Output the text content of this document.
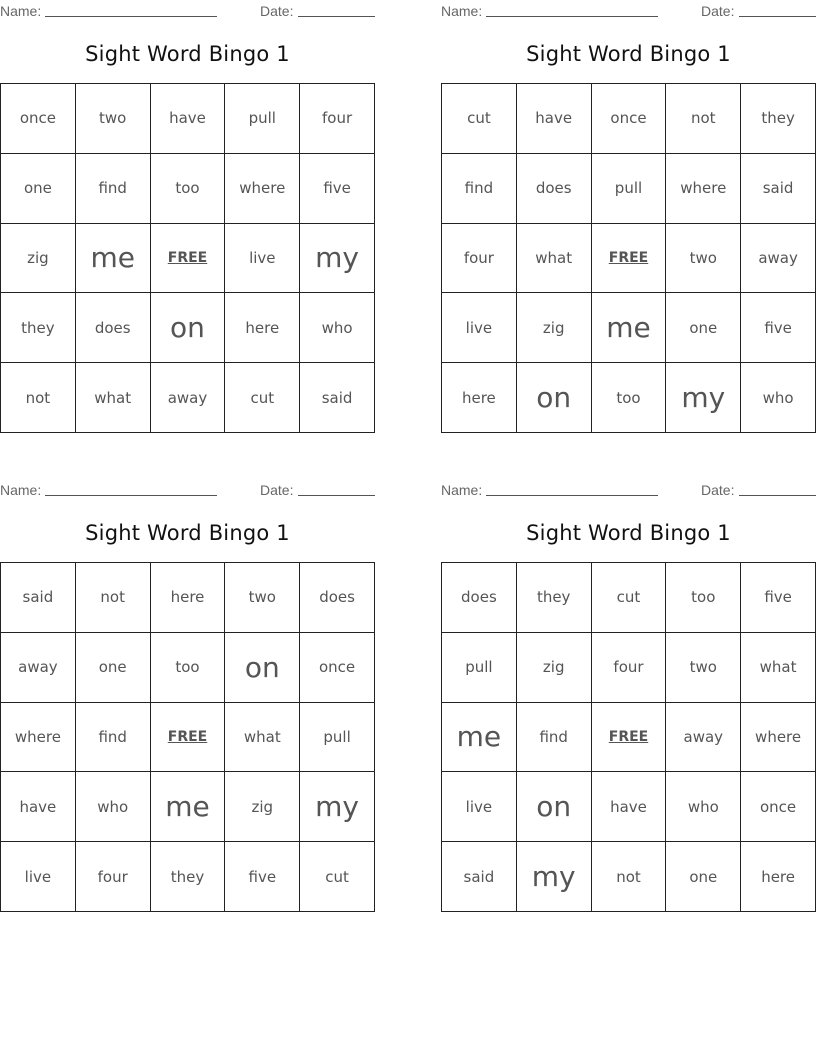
Name:	Date:
Sight Word Bingo 1
once	two	have	pull	four
one	find	too	where	five
zig	me	FREE	live	my
they	does	on	here	who
not	what	away	cut	said
Name:	Date:
Sight Word Bingo 1
cut	have	once	not	they
find	does	pull	where	said
four	what	FREE	two	away
live	zig	me	one	five
here	on	too	my	who
Name:	Date:
Sight Word Bingo 1
said	not	here	two	does
away	one	too	on	once
where	find	FREE	what	pull
have	who	me	zig	my
live	four	they	five	cut
Name:	Date:
Sight Word Bingo 1
does	they	cut	too	five
pull	zig	four	two	what
me	find	FREE	away	where
live	on	have	who	once
said	my	not	one	here
